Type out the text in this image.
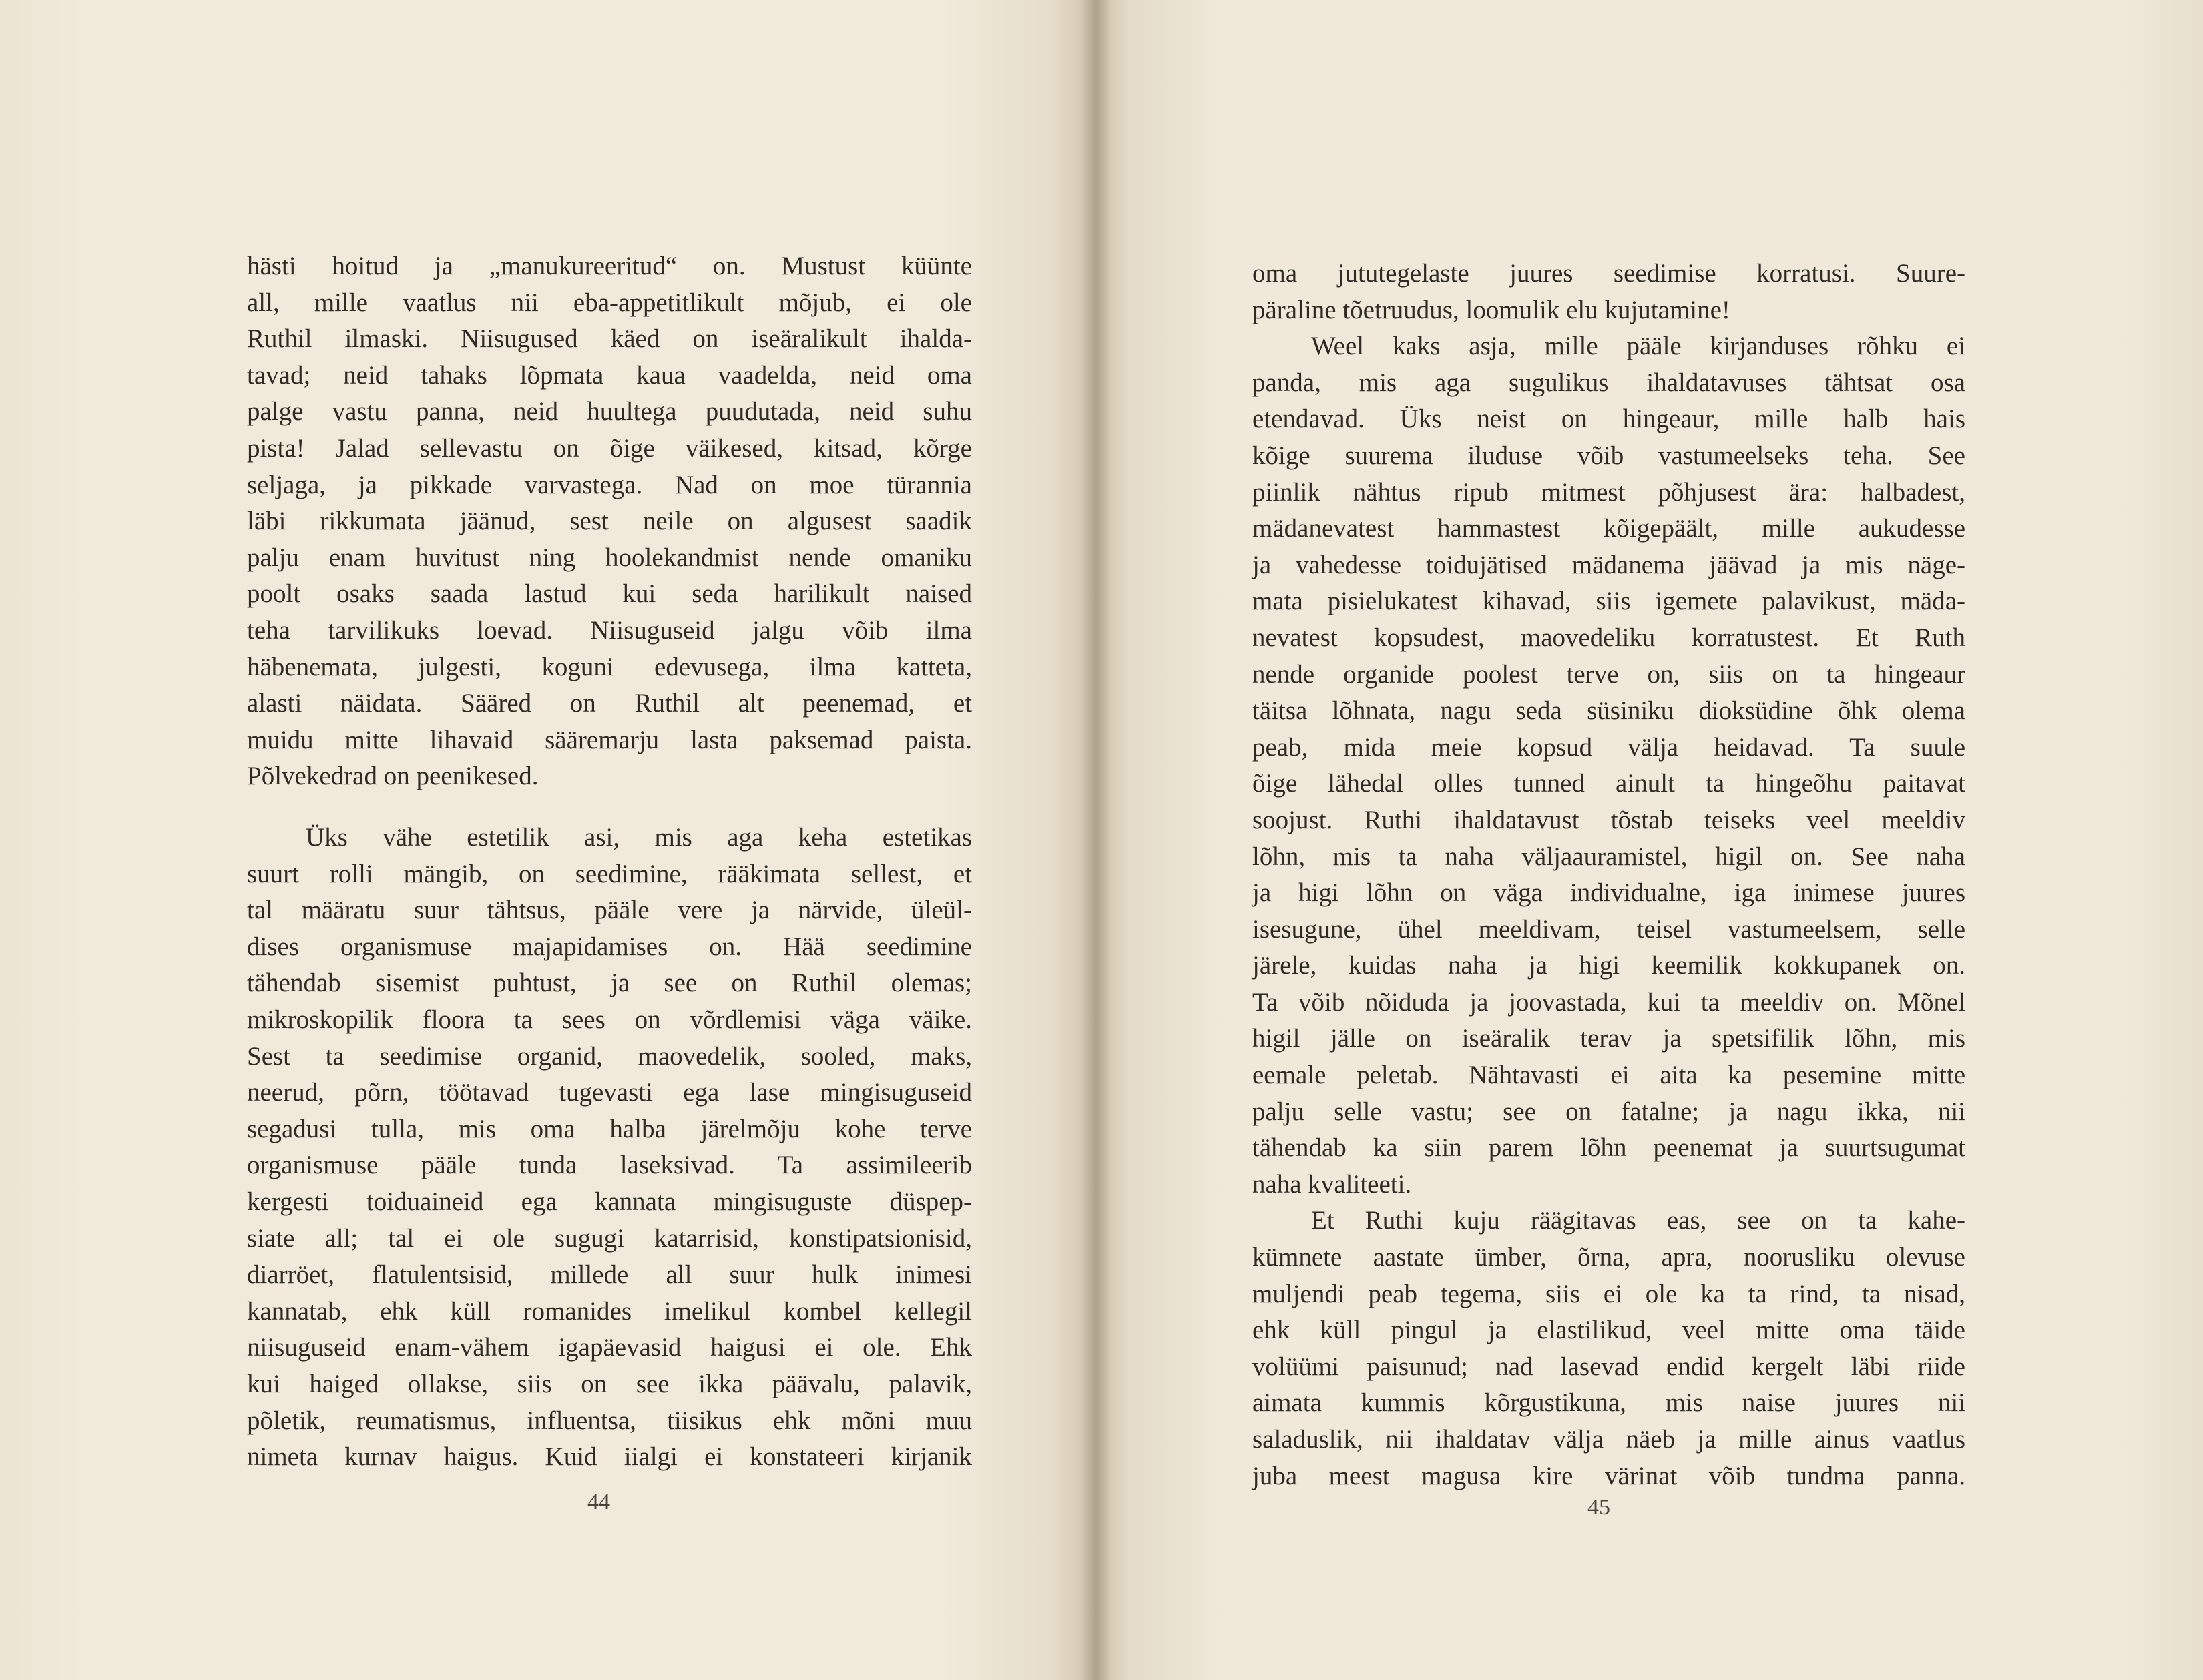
hästi hoitud ja „manukureeritud“ on. Mustust küünte
all, mille vaatlus nii eba-appetitlikult mõjub, ei ole
Ruthil ilmaski. Niisugused käed on iseäralikult ihalda-
tavad; neid tahaks lõpmata kaua vaadelda, neid oma
palge vastu panna, neid huultega puudutada, neid suhu
pista! Jalad sellevastu on õige väikesed, kitsad, kõrge
seljaga, ja pikkade varvastega. Nad on moe türannia
läbi rikkumata jäänud, sest neile on algusest saadik
palju enam huvitust ning hoolekandmist nende omaniku
poolt osaks saada lastud kui seda harilikult naised
teha tarvilikuks loevad. Niisuguseid jalgu võib ilma
häbenemata, julgesti, koguni edevusega, ilma katteta,
alasti näidata. Sääred on Ruthil alt peenemad, et
muidu mitte lihavaid sääremarju lasta paksemad paista.
Põlvekedrad on peenikesed.
Üks vähe estetilik asi, mis aga keha estetikas
suurt rolli mängib, on seedimine, rääkimata sellest, et
tal määratu suur tähtsus, pääle vere ja närvide, üleül-
dises organismuse majapidamises on. Hää seedimine
tähendab sisemist puhtust, ja see on Ruthil olemas;
mikroskopilik floora ta sees on võrdlemisi väga väike.
Sest ta seedimise organid, maovedelik, sooled, maks,
neerud, põrn, töötavad tugevasti ega lase mingisuguseid
segadusi tulla, mis oma halba järelmõju kohe terve
organismuse pääle tunda laseksivad. Ta assimileerib
kergesti toiduaineid ega kannata mingisuguste düspep-
siate all; tal ei ole sugugi katarrisid, konstipatsionisid,
diarröet, flatulentsisid, millede all suur hulk inimesi
kannatab, ehk küll romanides imelikul kombel kellegil
niisuguseid enam-vähem igapäevasid haigusi ei ole. Ehk
kui haiged ollakse, siis on see ikka päävalu, palavik,
põletik, reumatismus, influentsa, tiisikus ehk mõni muu
nimeta kurnav haigus. Kuid iialgi ei konstateeri kirjanik
44
oma jututegelaste juures seedimise korratusi. Suure-
päraline tõetruudus, loomulik elu kujutamine!
Weel kaks asja, mille pääle kirjanduses rõhku ei
panda, mis aga sugulikus ihaldatavuses tähtsat osa
etendavad. Üks neist on hingeaur, mille halb hais
kõige suurema iluduse võib vastumeelseks teha. See
piinlik nähtus ripub mitmest põhjusest ära: halbadest,
mädanevatest hammastest kõigepäält, mille aukudesse
ja vahedesse toidujätised mädanema jäävad ja mis näge-
mata pisielukatest kihavad, siis igemete palavikust, mäda-
nevatest kopsudest, maovedeliku korratustest. Et Ruth
nende organide poolest terve on, siis on ta hingeaur
täitsa lõhnata, nagu seda süsiniku dioksüdine õhk olema
peab, mida meie kopsud välja heidavad. Ta suule
õige lähedal olles tunned ainult ta hingeõhu paitavat
soojust. Ruthi ihaldatavust tõstab teiseks veel meeldiv
lõhn, mis ta naha väljaauramistel, higil on. See naha
ja higi lõhn on väga individualne, iga inimese juures
isesugune, ühel meeldivam, teisel vastumeelsem, selle
järele, kuidas naha ja higi keemilik kokkupanek on.
Ta võib nõiduda ja joovastada, kui ta meeldiv on. Mõnel
higil jälle on iseäralik terav ja spetsifilik lõhn, mis
eemale peletab. Nähtavasti ei aita ka pesemine mitte
palju selle vastu; see on fatalne; ja nagu ikka, nii
tähendab ka siin parem lõhn peenemat ja suurtsugumat
naha kvaliteeti.
Et Ruthi kuju räägitavas eas, see on ta kahe-
kümnete aastate ümber, õrna, apra, noorusliku olevuse
muljendi peab tegema, siis ei ole ka ta rind, ta nisad,
ehk küll pingul ja elastilikud, veel mitte oma täide
volüümi paisunud; nad lasevad endid kergelt läbi riide
aimata kummis kõrgustikuna, mis naise juures nii
saladuslik, nii ihaldatav välja näeb ja mille ainus vaatlus
juba meest magusa kire värinat võib tundma panna.
45
